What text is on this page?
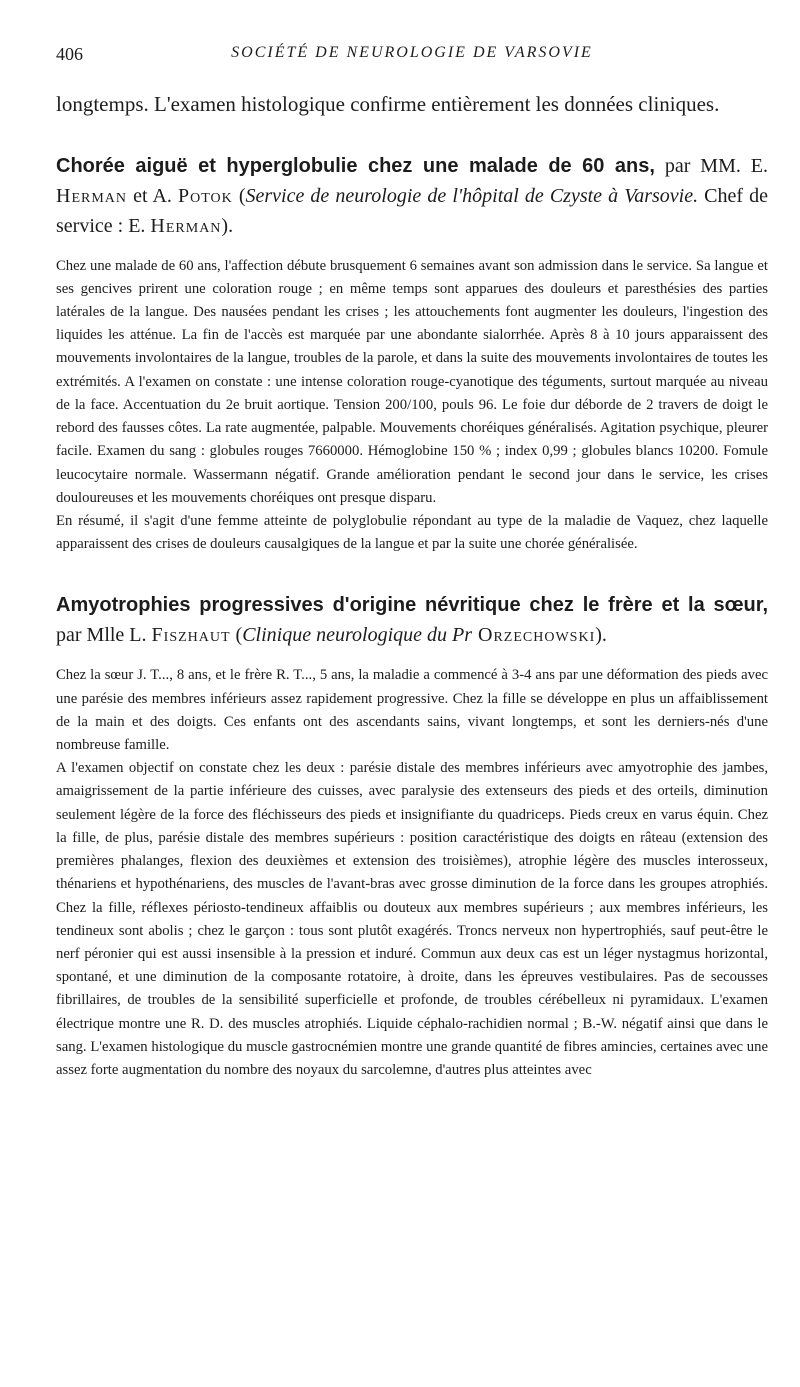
406	SOCIÉTÉ DE NEUROLOGIE DE VARSOVIE

longtemps. L'examen histologique confirme entièrement les données cliniques.

Chorée aiguë et hyperglobulie chez une malade de 60 ans, par MM. E. Herman et A. Potok (Service de neurologie de l'hôpital de Czyste à Varsovie. Chef de service : E. Herman).

Chez une malade de 60 ans, l'affection débute brusquement 6 semaines avant son admission dans le service. Sa langue et ses gencives prirent une coloration rouge ; en même temps sont apparues des douleurs et paresthésies des parties latérales de la langue. Des nausées pendant les crises ; les attouchements font augmenter les douleurs, l'ingestion des liquides les atténue. La fin de l'accès est marquée par une abondante sialorrhée. Après 8 à 10 jours apparaissent des mouvements involontaires de la langue, troubles de la parole, et dans la suite des mouvements involontaires de toutes les extrémités. A l'examen on constate : une intense coloration rouge-cyanotique des téguments, surtout marquée au niveau de la face. Accentuation du 2e bruit aortique. Tension 200/100, pouls 96. Le foie dur déborde de 2 travers de doigt le rebord des fausses côtes. La rate augmentée, palpable. Mouvements choréiques généralisés. Agitation psychique, pleurer facile. Examen du sang : globules rouges 7660000. Hémoglobine 150 % ; index 0,99 ; globules blancs 10200. Fomule leucocytaire normale. Wassermann négatif. Grande amélioration pendant le second jour dans le service, les crises douloureuses et les mouvements choréiques ont presque disparu.

En résumé, il s'agit d'une femme atteinte de polyglobulie répondant au type de la maladie de Vaquez, chez laquelle apparaissent des crises de douleurs causalgiques de la langue et par la suite une chorée généralisée.

Amyotrophies progressives d'origine névritique chez le frère et la sœur, par Mlle L. Fiszhaut (Clinique neurologique du Pr Orzechowski).

Chez la sœur J. T..., 8 ans, et le frère R. T..., 5 ans, la maladie a commencé à 3-4 ans par une déformation des pieds avec une parésie des membres inférieurs assez rapidement progressive. Chez la fille se développe en plus un affaiblissement de la main et des doigts. Ces enfants ont des ascendants sains, vivant longtemps, et sont les derniers-nés d'une nombreuse famille.

A l'examen objectif on constate chez les deux : parésie distale des membres inférieurs avec amyotrophie des jambes, amaigrissement de la partie inférieure des cuisses, avec paralysie des extenseurs des pieds et des orteils, diminution seulement légère de la force des fléchisseurs des pieds et insignifiante du quadriceps. Pieds creux en varus équin. Chez la fille, de plus, parésie distale des membres supérieurs : position caractéristique des doigts en râteau (extension des premières phalanges, flexion des deuxièmes et extension des troisièmes), atrophie légère des muscles interosseux, thénariens et hypothénariens, des muscles de l'avant-bras avec grosse diminution de la force dans les groupes atrophiés. Chez la fille, réflexes périosto-tendineux affaiblis ou douteux aux membres supérieurs ; aux membres inférieurs, les tendineux sont abolis ; chez le garçon : tous sont plutôt exagérés. Troncs nerveux non hypertrophiés, sauf peut-être le nerf péronier qui est aussi insensible à la pression et induré. Commun aux deux cas est un léger nystagmus horizontal, spontané, et une diminution de la composante rotatoire, à droite, dans les épreuves vestibulaires. Pas de secousses fibrillaires, de troubles de la sensibilité superficielle et profonde, de troubles cérébelleux ni pyramidaux. L'examen électrique montre une R. D. des muscles atrophiés. Liquide céphalo-rachidien normal ; B.-W. négatif ainsi que dans le sang. L'examen histologique du muscle gastrocnémien montre une grande quantité de fibres amincies, certaines avec une assez forte augmentation du nombre des noyaux du sarcolemne, d'autres plus atteintes avec
